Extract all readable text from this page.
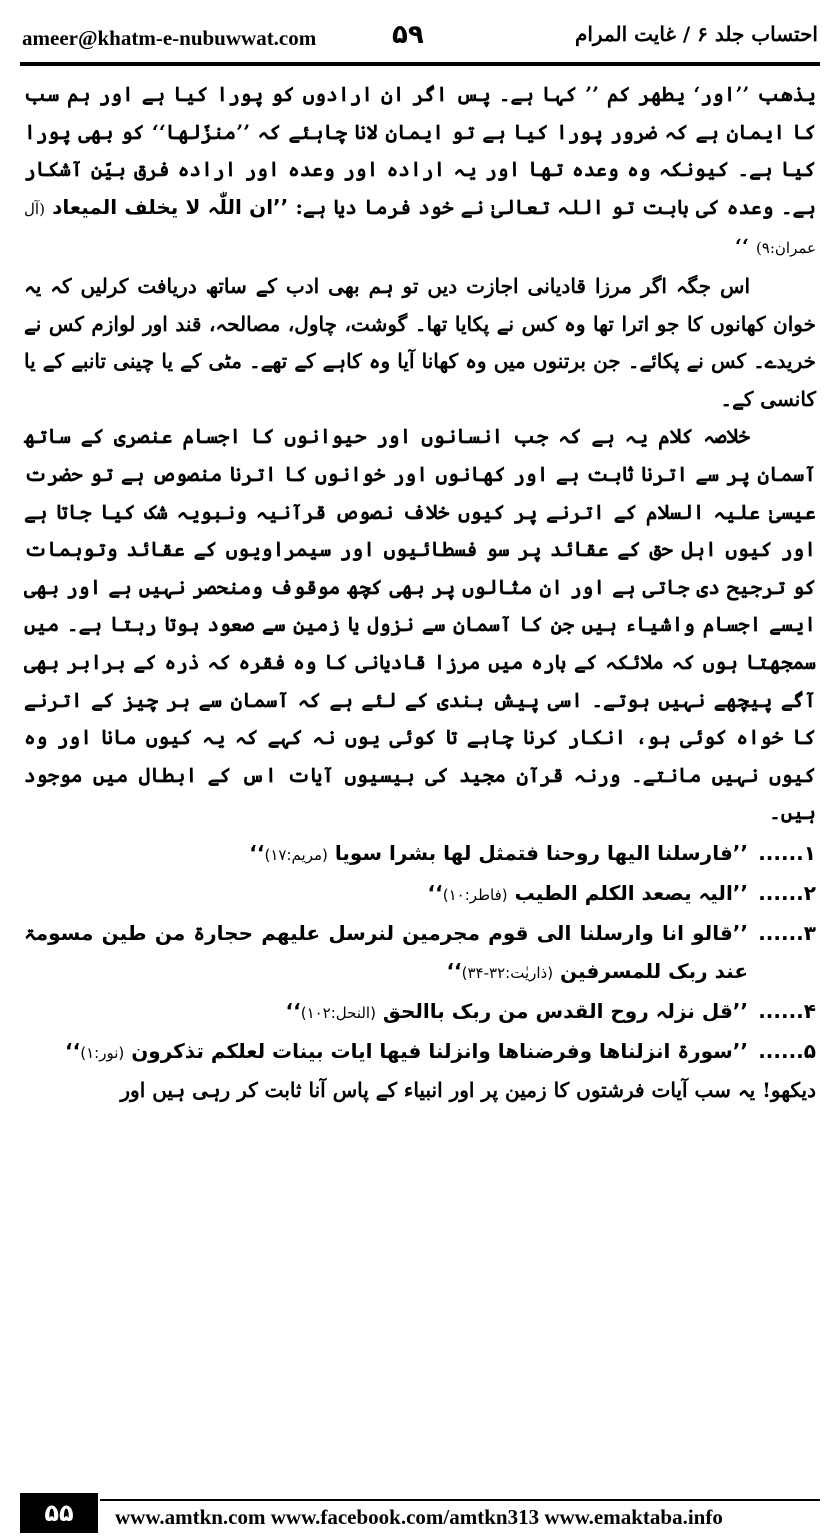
ameer@khatm-e-nubuwwat.com	۵۹	احتساب جلد ۶ / غایت المرام

یذھب ’’اور‘ یطھر کم ’’ کہا ہے۔ پس اگر ان ارادوں کو پورا کیا ہے اور ہم سب کا ایمان ہے کہ ضرور پورا کیا ہے تو ایمان لانا چاہئے کہ ’’منزّلھا‘‘ کو بھی پورا کیا ہے۔ کیونکہ وہ وعدہ تھا اور یہ ارادہ اور وعدہ اور ارادہ فرق بیّن آشکار ہے۔ وعدہ کی بابت تو اللہ تعالیٰ نے خود فرما دیا ہے: ’’ان اللّٰہ لا یخلف المیعاد (آل عمران:۹) ‘‘

اس جگہ اگر مرزا قادیانی اجازت دیں تو ہم بھی ادب کے ساتھ دریافت کرلیں کہ یہ خوان کھانوں کا جو اترا تھا وہ کس نے پکایا تھا۔ گوشت، چاول، مصالحہ، قند اور لوازم کس نے خریدے۔ کس نے پکائے۔ جن برتنوں میں وہ کھانا آیا وہ کاہے کے تھے۔ مٹی کے یا چینی تانبے کے یا کانسی کے۔

خلاصہ کلام یہ ہے کہ جب انسانوں اور حیوانوں کا اجسام عنصری کے ساتھ آسمان پر سے اترنا ثابت ہے اور کھانوں اور خوانوں کا اترنا منصوص ہے تو حضرت عیسیٰ علیہ السلام کے اترنے پر کیوں خلاف نصوص قرآنیہ ونبویہ شک کیا جاتا ہے اور کیوں اہل حق کے عقائد پر سو فسطائیوں اور سیمراویوں کے عقائد وتوہمات کو ترجیح دی جاتی ہے اور ان مثالوں پر بھی کچھ موقوف ومنحصر نہیں ہے اور بھی ایسے اجسام واشیاء ہیں جن کا آسمان سے نزول یا زمین سے صعود ہوتا رہتا ہے۔ میں سمجھتا ہوں کہ ملائکہ کے بارہ میں مرزا قادیانی کا وہ فقرہ کہ ذرہ کے برابر بھی آگے پیچھے نہیں ہوتے۔ اسی پیش بندی کے لئے ہے کہ آسمان سے ہر چیز کے اترنے کا خواہ کوئی ہو، انکار کرنا چاہے تا کوئی یوں نہ کہے کہ یہ کیوں مانا اور وہ کیوں نہیں مانتے۔ ورنہ قرآن مجید کی بیسیوں آیات اس کے ابطال میں موجود ہیں۔

۱......
’’فارسلنا الیھا روحنا فتمثل لھا بشرا سویا (مریم:۱۷)‘‘
۲......
’’الیہ یصعد الکلم الطیب (فاطر:۱۰)‘‘
۳......
’’قالو انا وارسلنا الی قوم مجرمین لنرسل علیھم حجارۃ من طین مسومۃ عند ربک للمسرفین (ذاریٰت:۳۲-۳۴)‘‘
۴......
’’قل نزلہ روح القدس من ربک باالحق (النحل:۱۰۲)‘‘
۵......
’’سورۃ انزلناھا وفرضناھا وانزلنا فیھا ایات بینات لعلکم تذکرون (نور:۱)‘‘

دیکھو! یہ سب آیات فرشتوں کا زمین پر اور انبیاء کے پاس آنا ثابت کر رہی ہیں اور

۵۵	www.amtkn.com www.facebook.com/amtkn313 www.emaktaba.info
